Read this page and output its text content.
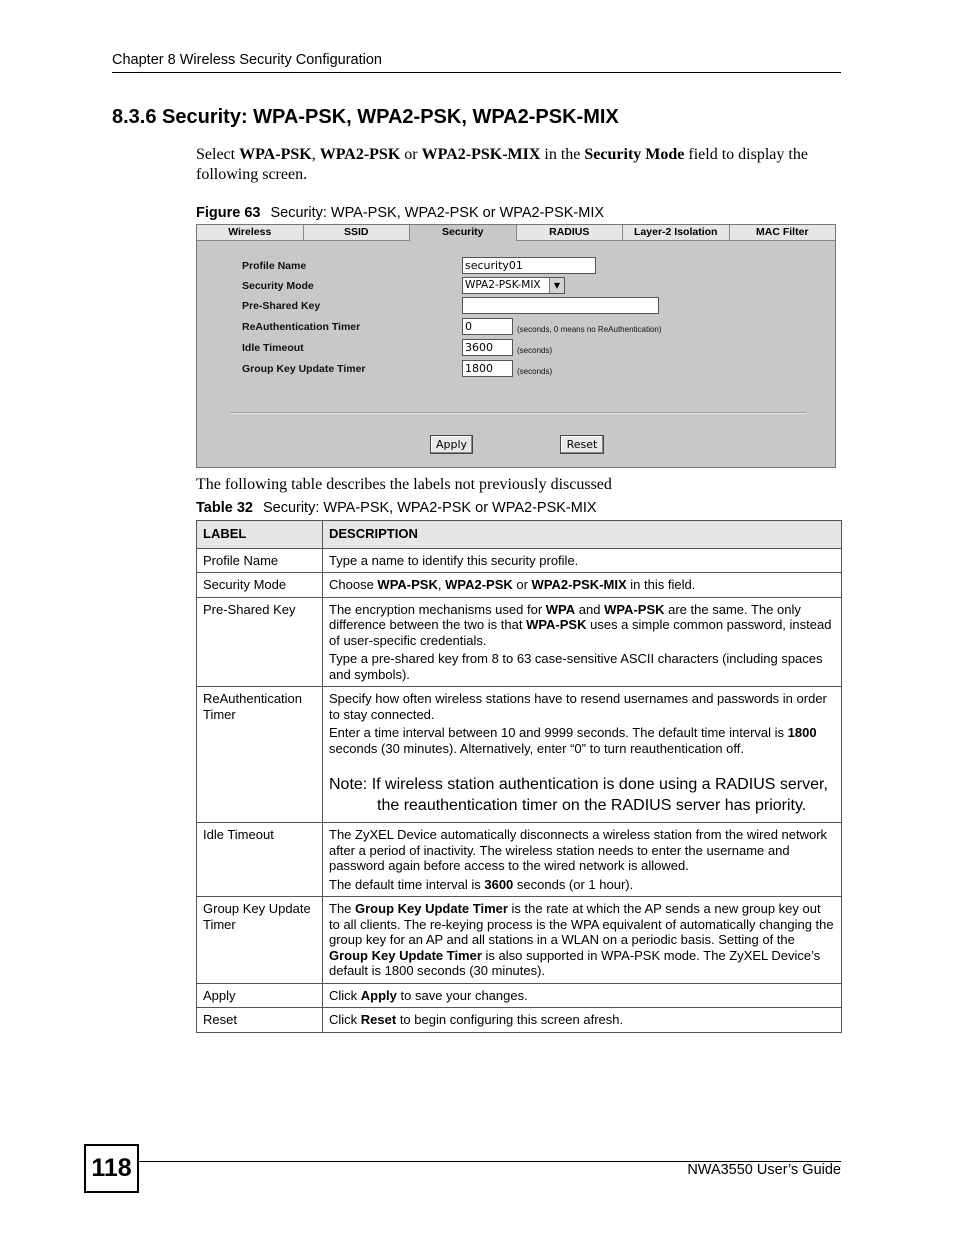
Chapter 8 Wireless Security Configuration
8.3.6 Security: WPA-PSK, WPA2-PSK, WPA2-PSK-MIX
Select WPA-PSK, WPA2-PSK or WPA2-PSK-MIX in the Security Mode field to display the following screen.
Figure 63 Security: WPA-PSK, WPA2-PSK or WPA2-PSK-MIX
Wireless	SSID	Security	RADIUS	Layer-2 Isolation	MAC Filter
Profile Name	security01
Security Mode	WPA2-PSK-MIX	▼
Pre-Shared Key
ReAuthentication Timer	0	(seconds, 0 means no ReAuthentication)
Idle Timeout	3600	(seconds)
Group Key Update Timer	1800	(seconds)
Apply	Reset
The following table describes the labels not previously discussed
Table 32 Security: WPA-PSK, WPA2-PSK or WPA2-PSK-MIX
LABEL	DESCRIPTION
Profile Name	Type a name to identify this security profile.
Security Mode	Choose WPA-PSK, WPA2-PSK or WPA2-PSK-MIX in this field.
Pre-Shared Key	The encryption mechanisms used for WPA and WPA-PSK are the same. The only difference between the two is that WPA-PSK uses a simple common password, instead of user-specific credentials.

Type a pre-shared key from 8 to 63 case-sensitive ASCII characters (including spaces and symbols).

ReAuthentication Timer	Specify how often wireless stations have to resend usernames and passwords in order to stay connected.

Enter a time interval between 10 and 9999 seconds. The default time interval is 1800 seconds (30 minutes). Alternatively, enter “0” to turn reauthentication off.

Note: If wireless station authentication is done using a RADIUS server, the reauthentication timer on the RADIUS server has priority.

Idle Timeout	The ZyXEL Device automatically disconnects a wireless station from the wired network after a period of inactivity. The wireless station needs to enter the username and password again before access to the wired network is allowed.

The default time interval is 3600 seconds (or 1 hour).

Group Key Update Timer	The Group Key Update Timer is the rate at which the AP sends a new group key out to all clients. The re-keying process is the WPA equivalent of automatically changing the group key for an AP and all stations in a WLAN on a periodic basis. Setting of the Group Key Update Timer is also supported in WPA-PSK mode. The ZyXEL Device’s default is 1800 seconds (30 minutes).
Apply	Click Apply to save your changes.
Reset	Click Reset to begin configuring this screen afresh.
118	NWA3550 User’s Guide
